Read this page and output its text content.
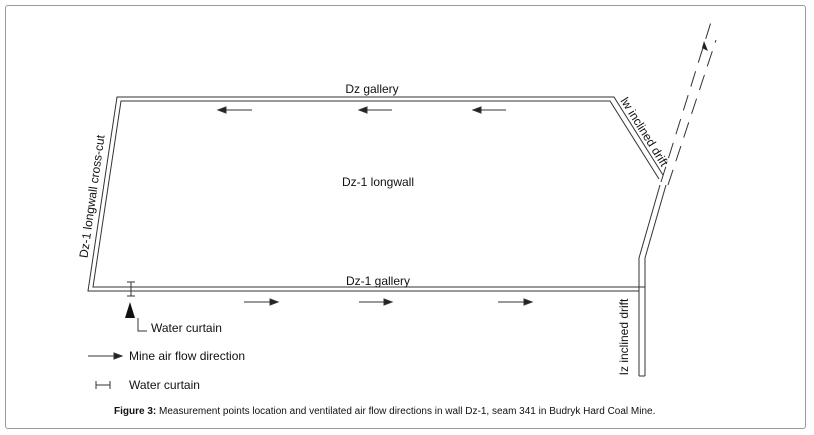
Dz gallery
Dz-1 longwall
Dz-1 gallery
Dz-1 longwall cross-cut
lw inclined drift
Iz inclined drift
Water curtain
Mine air flow direction
Water curtain
Figure 3: Measurement points location and ventilated air flow directions in wall Dz-1, seam 341 in Budryk Hard Coal Mine.
